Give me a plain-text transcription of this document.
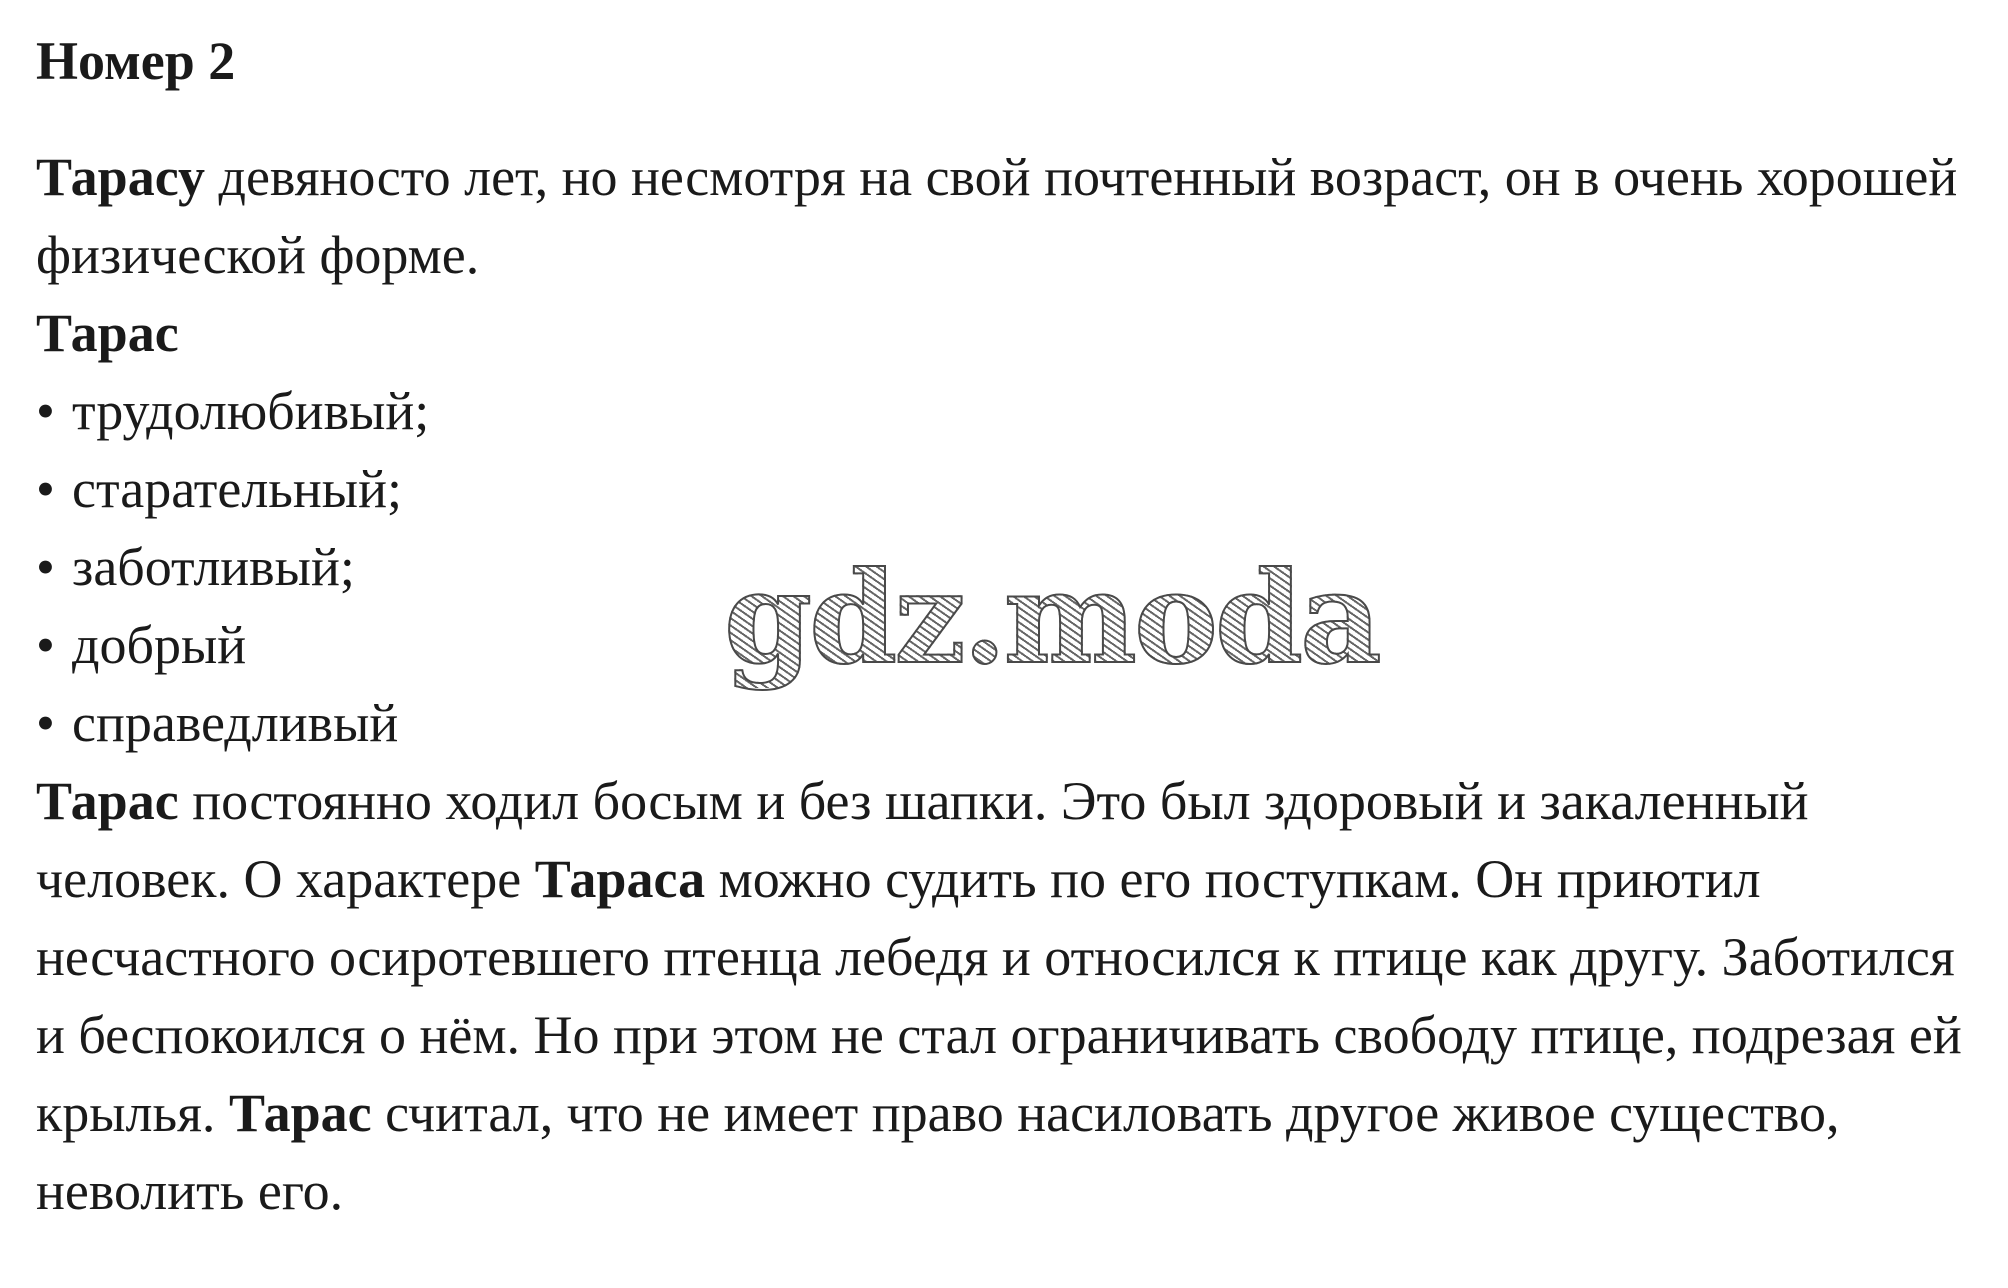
Номер 2

Тарасу девяносто лет, но несмотря на свой почтенный возраст, он в очень хорошей физической форме.

Тарас

• трудолюбивый;
• старательный;
• заботливый;
• добрый
• справедливый

Тарас постоянно ходил босым и без шапки. Это был здоровый и закаленный человек. О характере Тараса можно судить по его поступкам. Он приютил несчастного осиротевшего птенца лебедя и относился к птице как другу. Заботился и беспокоился о нём. Но при этом не стал ограничивать свободу птице, подрезая ей крылья. Тарас считал, что не имеет право насиловать другое живое существо, неволить его.

gdz.moda
